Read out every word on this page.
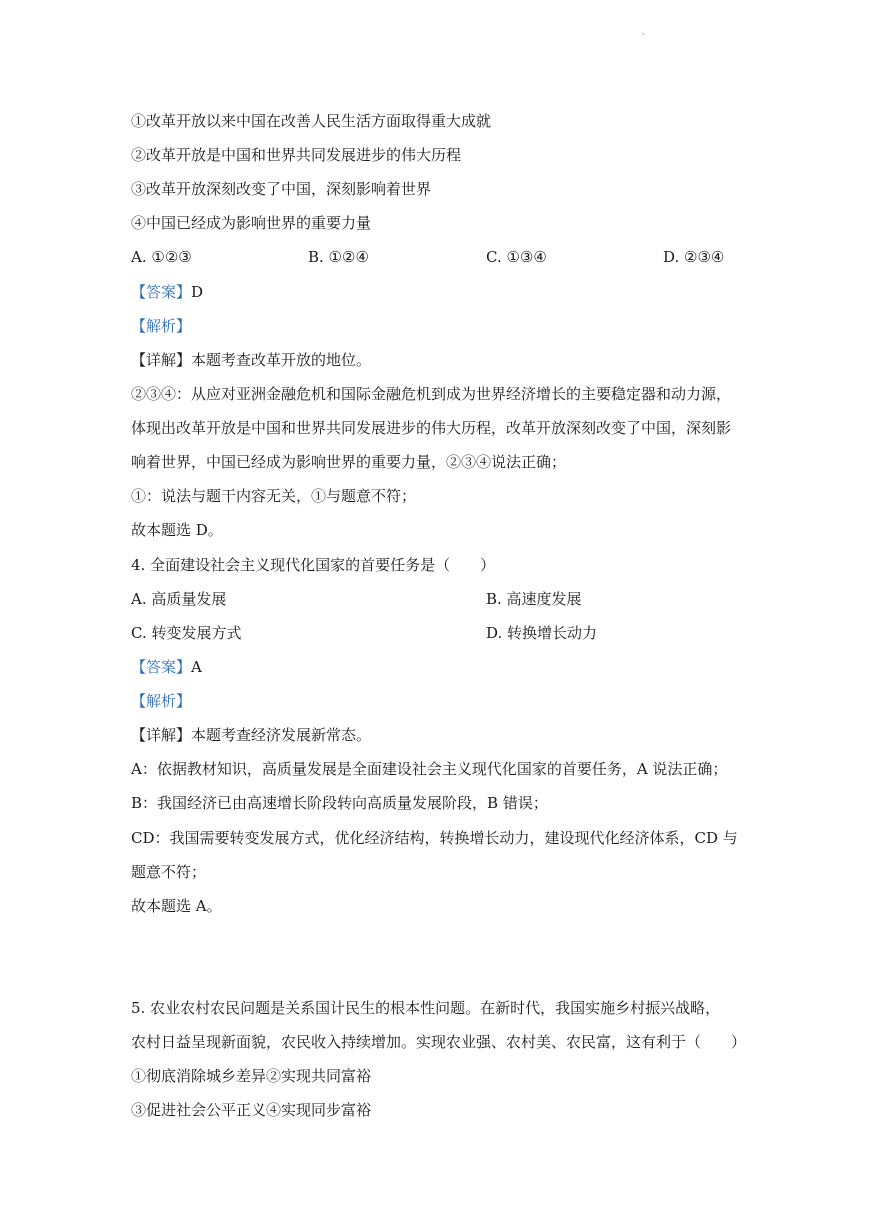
·
①改革开放以来中国在改善人民生活方面取得重大成就
②改革开放是中国和世界共同发展进步的伟大历程
③改革开放深刻改变了中国，深刻影响着世界
④中国已经成为影响世界的重要力量
A. ①②③	B. ①②④	C. ①③④	D. ②③④
【答案】D
【解析】
【详解】本题考查改革开放的地位。
②③④：从应对亚洲金融危机和国际金融危机到成为世界经济增长的主要稳定器和动力源，
体现出改革开放是中国和世界共同发展进步的伟大历程，改革开放深刻改变了中国，深刻影
响着世界，中国已经成为影响世界的重要力量，②③④说法正确；
①：说法与题干内容无关，①与题意不符；
故本题选 D。
4. 全面建设社会主义现代化国家的首要任务是（　　）
A. 高质量发展	B. 高速度发展
C. 转变发展方式	D. 转换增长动力
【答案】A
【解析】
【详解】本题考查经济发展新常态。
A：依据教材知识，高质量发展是全面建设社会主义现代化国家的首要任务，A 说法正确；
B：我国经济已由高速增长阶段转向高质量发展阶段，B 错误；
CD：我国需要转变发展方式，优化经济结构，转换增长动力，建设现代化经济体系，CD 与
题意不符；
故本题选 A。
5. 农业农村农民问题是关系国计民生的根本性问题。在新时代，我国实施乡村振兴战略，
农村日益呈现新面貌，农民收入持续增加。实现农业强、农村美、农民富，这有利于（　　）
①彻底消除城乡差异②实现共同富裕
③促进社会公平正义④实现同步富裕
